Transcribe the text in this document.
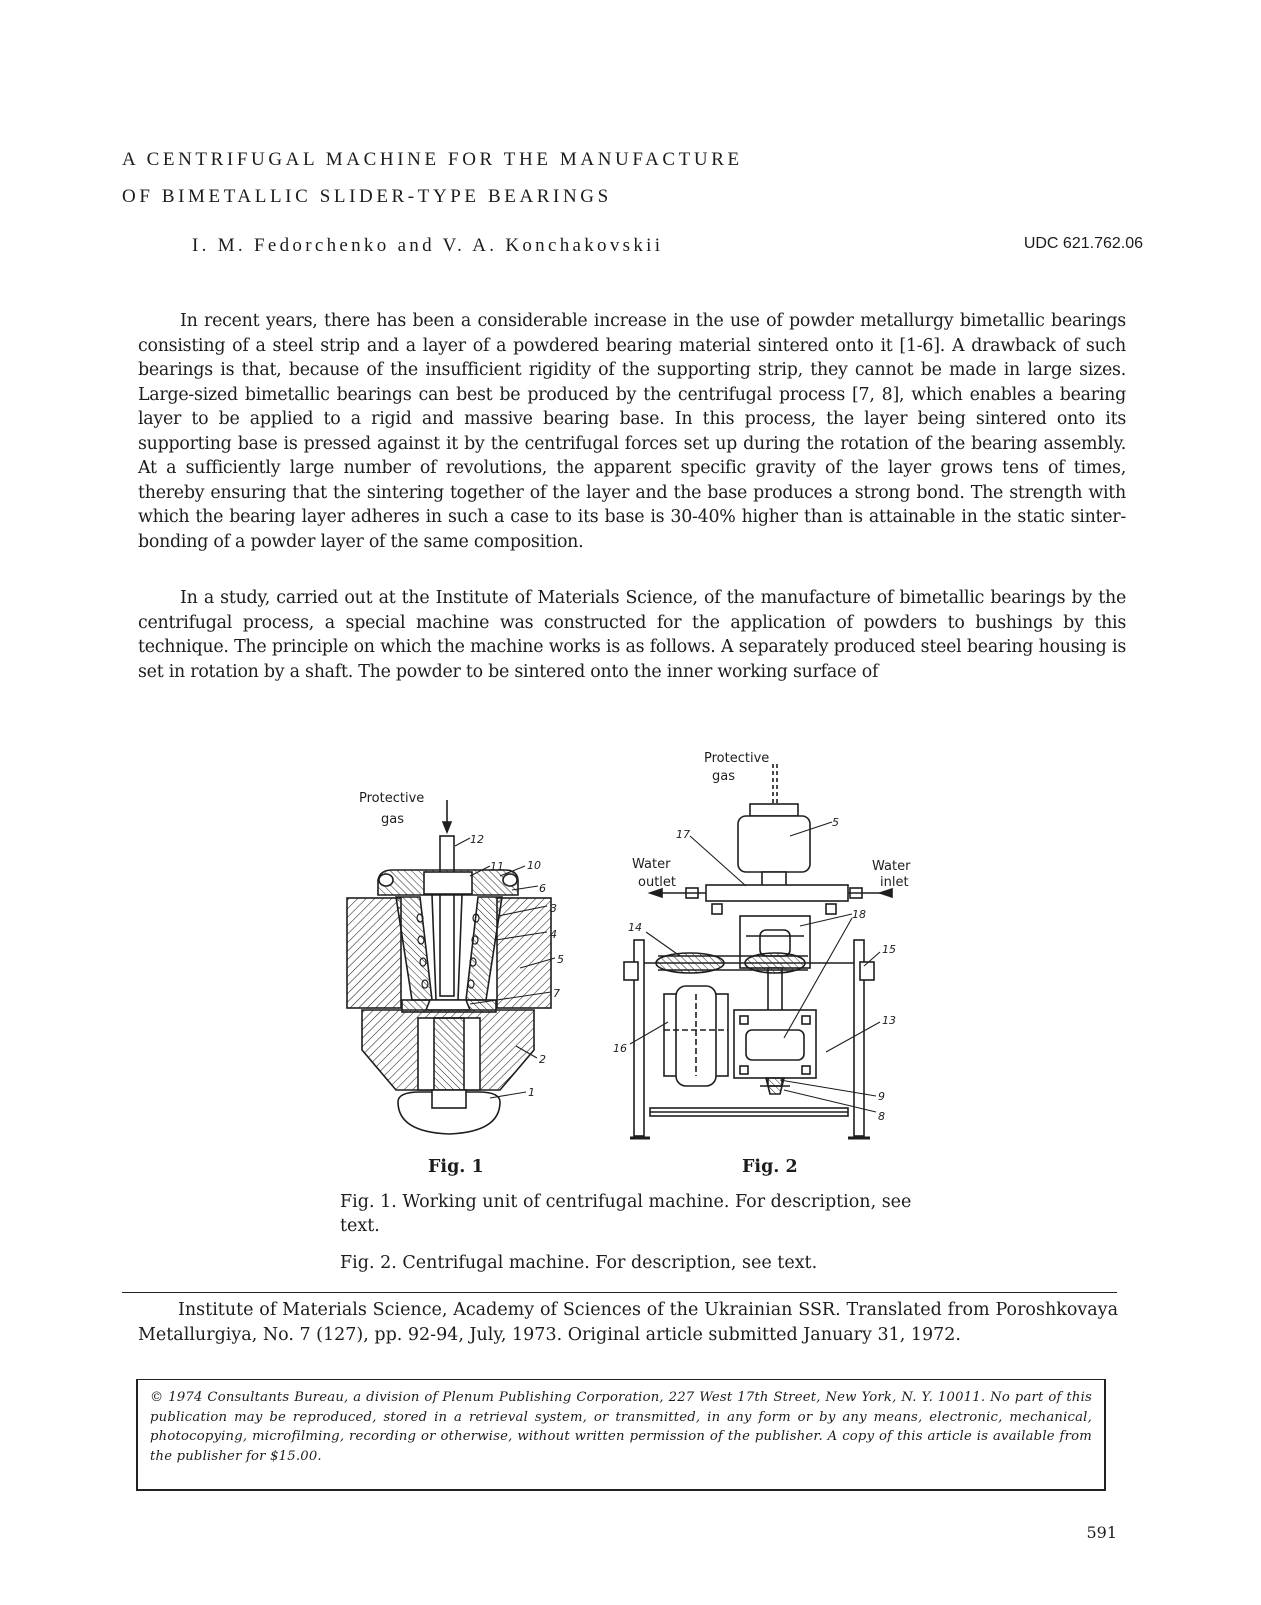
A CENTRIFUGAL MACHINE FOR THE MANUFACTURE
OF BIMETALLIC SLIDER-TYPE BEARINGS
I. M. Fedorchenko and V. A. Konchakovskii	UDC 621.762.06

In recent years, there has been a considerable increase in the use of powder metallurgy bimetallic bearings consisting of a steel strip and a layer of a powdered bearing material sintered onto it [1-6]. A drawback of such bearings is that, because of the insufficient rigidity of the supporting strip, they cannot be made in large sizes. Large-sized bimetallic bearings can best be produced by the centrifugal process [7, 8], which enables a bearing layer to be applied to a rigid and massive bearing base. In this process, the layer being sintered onto its supporting base is pressed against it by the centrifugal forces set up during the rotation of the bearing assembly. At a sufficiently large number of revolutions, the apparent specific gravity of the layer grows tens of times, thereby ensuring that the sintering together of the layer and the base produces a strong bond. The strength with which the bearing layer adheres in such a case to its base is 30-40% higher than is attainable in the static sinter-bonding of a powder layer of the same composition.

In a study, carried out at the Institute of Materials Science, of the manufacture of bimetallic bearings by the centrifugal process, a special machine was constructed for the application of powders to bushings by this technique. The principle on which the machine works is as follows. A separately produced steel bearing housing is set in rotation by a shaft. The powder to be sintered onto the inner working surface of

Protective
gas
12
11 10
6
3
4
5
7
2
1
Protective
gas
Water
outlet
Water
inlet
17
5
18
14
15
13
16
9
8
Fig. 1	Fig. 2

Fig. 1. Working unit of centrifugal machine. For description, see text.

Fig. 2. Centrifugal machine. For description, see text.

Institute of Materials Science, Academy of Sciences of the Ukrainian SSR. Translated from Poroshkovaya Metallurgiya, No. 7 (127), pp. 92-94, July, 1973. Original article submitted January 31, 1972.

© 1974 Consultants Bureau, a division of Plenum Publishing Corporation, 227 West 17th Street, New York, N. Y. 10011. No part of this publication may be reproduced, stored in a retrieval system, or transmitted, in any form or by any means, electronic, mechanical, photocopying, microfilming, recording or otherwise, without written permission of the publisher. A copy of this article is available from the publisher for $15.00.
591
